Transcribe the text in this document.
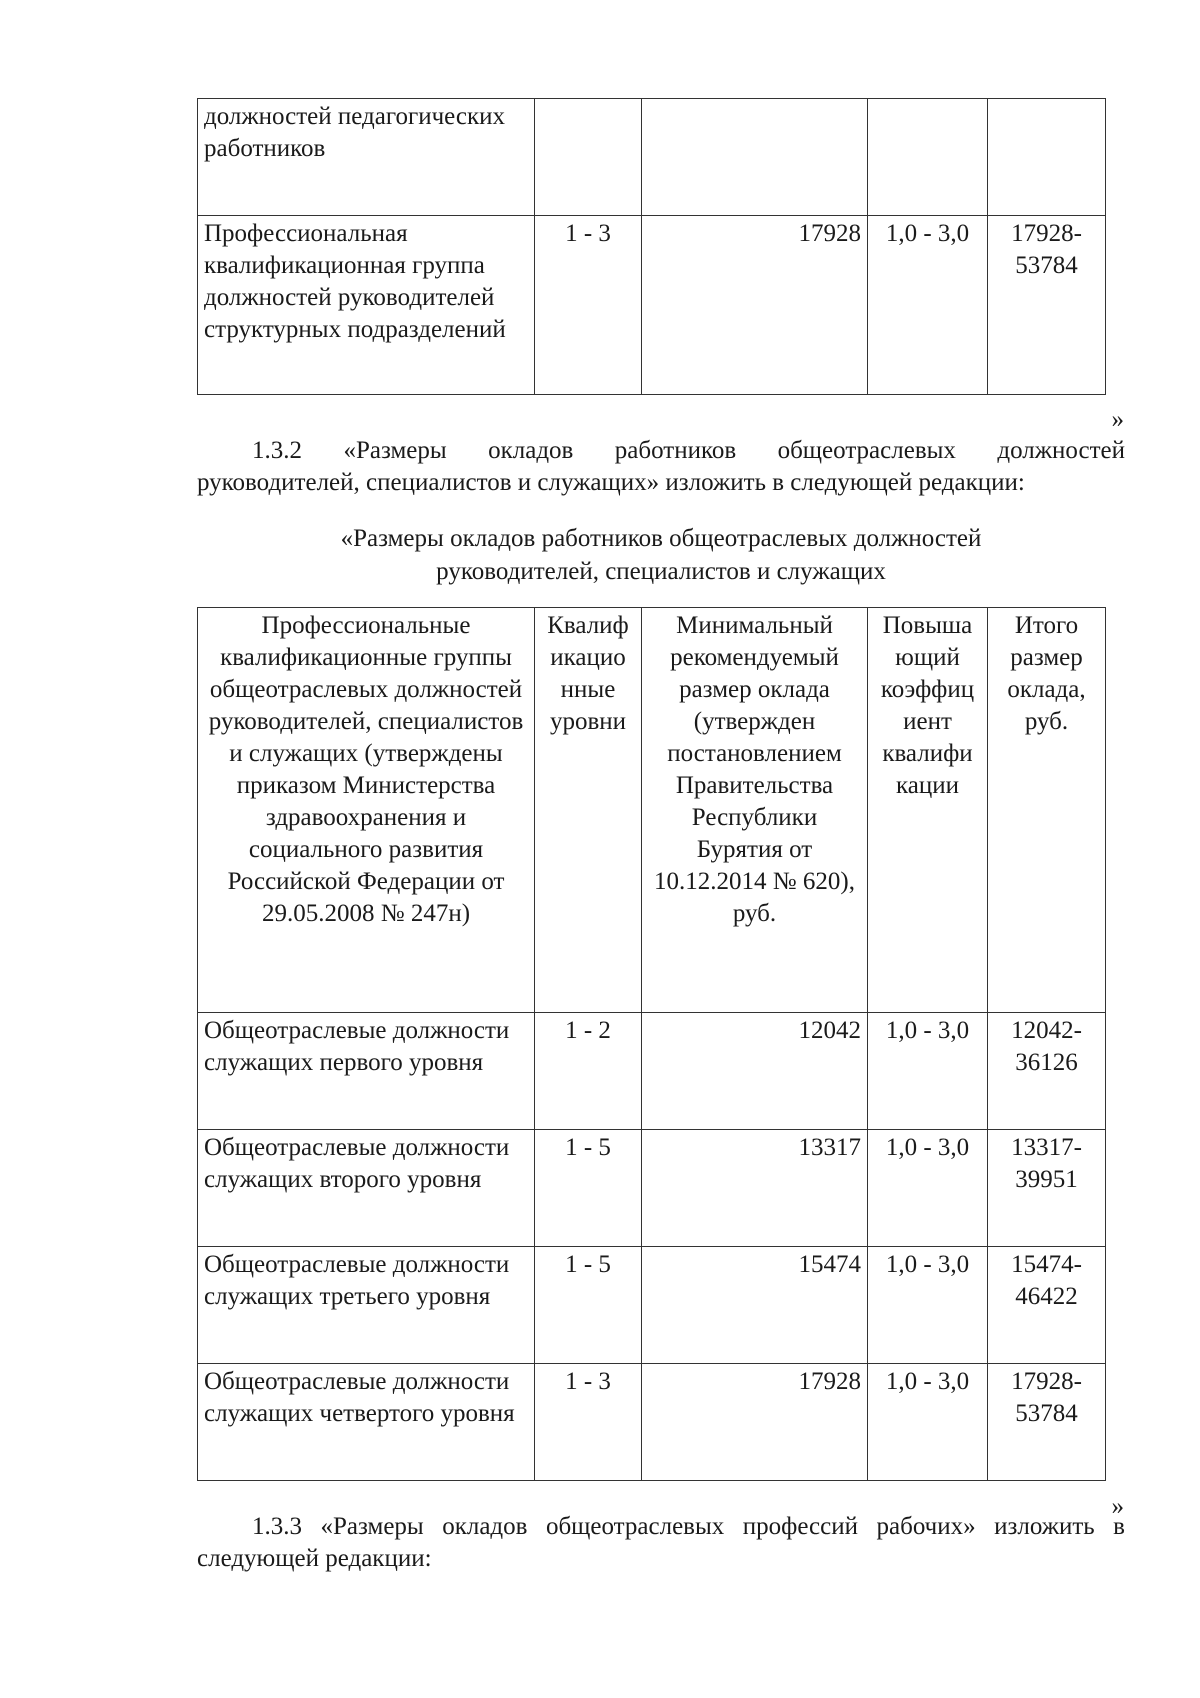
должностей педагогических работников				
Профессиональная квалификационная группа должностей руководителей структурных подразделений	1 - 3	17928	1,0 - 3,0	17928-53784
»
1.3.2 «Размеры окладов работников общеотраслевых должностей
руководителей, специалистов и служащих» изложить в следующей редакции:
«Размеры окладов работников общеотраслевых должностей
руководителей, специалистов и служащих
Профессиональные квалификационные группы общеотраслевых должностей руководителей, специалистов и служащих (утверждены приказом Министерства здравоохранения и социального развития Российской Федерации от 29.05.2008 № 247н)	Квалиф икацио нные уровни	Минимальный рекомендуемый размер оклада (утвержден постановлением Правительства Республики Бурятия от 10.12.2014 № 620), руб.	Повыша ющий коэффиц иент квалифи кации	Итого размер оклада, руб.
Общеотраслевые должности служащих первого уровня	1 - 2	12042	1,0 - 3,0	12042-36126
Общеотраслевые должности служащих второго уровня	1 - 5	13317	1,0 - 3,0	13317-39951
Общеотраслевые должности служащих третьего уровня	1 - 5	15474	1,0 - 3,0	15474-46422
Общеотраслевые должности служащих четвертого уровня	1 - 3	17928	1,0 - 3,0	17928-53784
»
1.3.3 «Размеры окладов общеотраслевых профессий рабочих» изложить в
следующей редакции:
